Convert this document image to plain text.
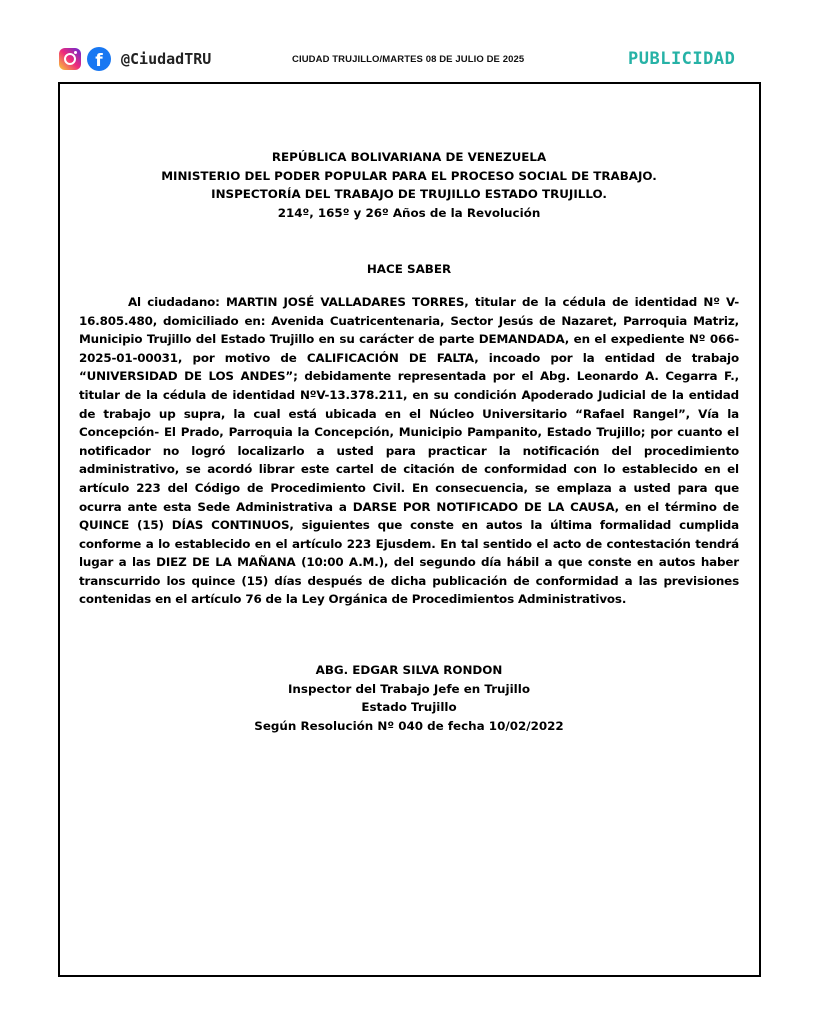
f	@CiudadTRU	CIUDAD TRUJILLO/MARTES 08 DE JULIO DE 2025	PUBLICIDAD
REPÚBLICA BOLIVARIANA DE VENEZUELA
MINISTERIO DEL PODER POPULAR PARA EL PROCESO SOCIAL DE TRABAJO.
INSPECTORÍA DEL TRABAJO DE TRUJILLO ESTADO TRUJILLO.
214º, 165º y 26º Años de la Revolución
HACE SABER

Al ciudadano: MARTIN JOSÉ VALLADARES TORRES, titular de la cédula de identidad Nº V-16.805.480, domiciliado en: Avenida Cuatricentenaria, Sector Jesús de Nazaret, Parroquia Matriz, Municipio Trujillo del Estado Trujillo en su carácter de parte DEMANDADA, en el expediente Nº 066-2025-01-00031, por motivo de CALIFICACIÓN DE FALTA, incoado por la entidad de trabajo “UNIVERSIDAD DE LOS ANDES”; debidamente representada por el Abg. Leonardo A. Cegarra F., titular de la cédula de identidad NºV-13.378.211, en su condición Apoderado Judicial de la entidad de trabajo up supra, la cual está ubicada en el Núcleo Universitario “Rafael Rangel”, Vía la Concepción- El Prado, Parroquia la Concepción, Municipio Pampanito, Estado Trujillo; por cuanto el notificador no logró localizarlo a usted para practicar la notificación del procedimiento administrativo, se acordó librar este cartel de citación de conformidad con lo establecido en el artículo 223 del Código de Procedimiento Civil. En consecuencia, se emplaza a usted para que ocurra ante esta Sede Administrativa a DARSE POR NOTIFICADO DE LA CAUSA, en el término de QUINCE (15) DÍAS CONTINUOS, siguientes que conste en autos la última formalidad cumplida conforme a lo establecido en el artículo 223 Ejusdem. En tal sentido el acto de contestación tendrá lugar a las DIEZ DE LA MAÑANA (10:00 A.M.), del segundo día hábil a que conste en autos haber transcurrido los quince (15) días después de dicha publicación de conformidad a las previsiones contenidas en el artículo 76 de la Ley Orgánica de Procedimientos Administrativos.

ABG. EDGAR SILVA RONDON
Inspector del Trabajo Jefe en Trujillo
Estado Trujillo
Según Resolución Nº 040 de fecha 10/02/2022
